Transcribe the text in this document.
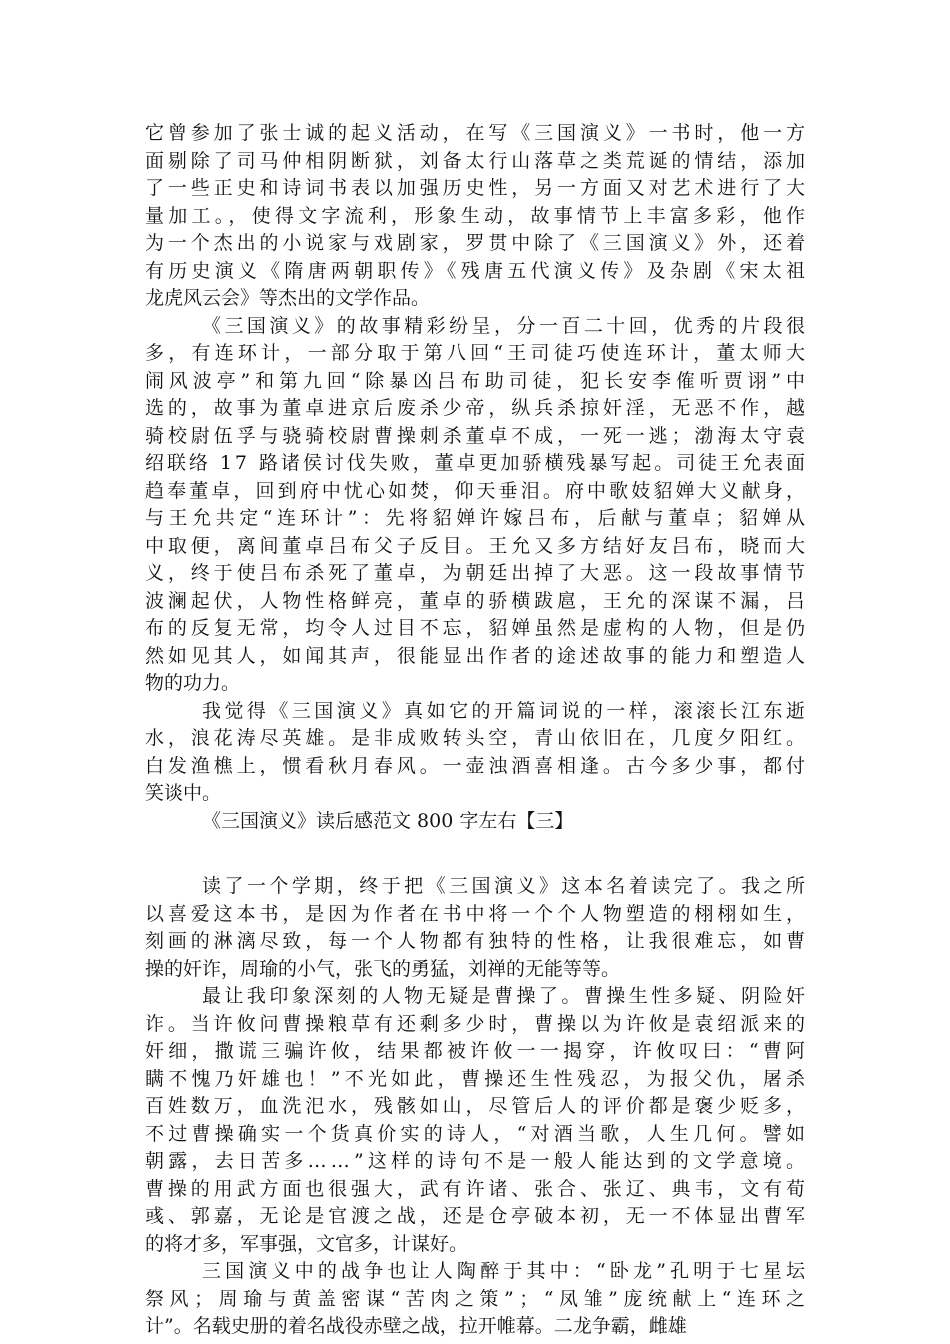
它曾参加了张士诚的起义活动，在写《三国演义》一书时，他一方
面剔除了司马仲相阴断狱，刘备太行山落草之类荒诞的情结，添加
了一些正史和诗词书表以加强历史性，另一方面又对艺术进行了大
量加工。，使得文字流利，形象生动，故事情节上丰富多彩，他作
为一个杰出的小说家与戏剧家，罗贯中除了《三国演义》外，还着
有历史演义《隋唐两朝职传》《残唐五代演义传》及杂剧《宋太祖
龙虎风云会》等杰出的文学作品。
《三国演义》的故事精彩纷呈，分一百二十回，优秀的片段很
多，有连环计，一部分取于第八回“王司徒巧使连环计，董太师大
闹风波亭”和第九回“除暴凶吕布助司徒，犯长安李傕听贾诩”中
选的，故事为董卓进京后废杀少帝，纵兵杀掠奸淫，无恶不作，越
骑校尉伍孚与骁骑校尉曹操刺杀董卓不成，一死一逃；渤海太守袁
绍联络 17 路诸侯讨伐失败，董卓更加骄横残暴写起。司徒王允表面
趋奉董卓，回到府中忧心如焚，仰天垂泪。府中歌妓貂婵大义献身，
与王允共定“连环计”：先将貂婵许嫁吕布，后献与董卓；貂婵从
中取便，离间董卓吕布父子反目。王允又多方结好友吕布，晓而大
义，终于使吕布杀死了董卓，为朝廷出掉了大恶。这一段故事情节
波澜起伏，人物性格鲜亮，董卓的骄横跋扈，王允的深谋不漏，吕
布的反复无常，均令人过目不忘，貂婵虽然是虚构的人物，但是仍
然如见其人，如闻其声，很能显出作者的途述故事的能力和塑造人
物的功力。
我觉得《三国演义》真如它的开篇词说的一样，滚滚长江东逝
水，浪花涛尽英雄。是非成败转头空，青山依旧在，几度夕阳红。
白发渔樵上，惯看秋月春风。一壶浊酒喜相逢。古今多少事，都付
笑谈中。
《三国演义》读后感范文 800 字左右【三】
读了一个学期，终于把《三国演义》这本名着读完了。我之所
以喜爱这本书，是因为作者在书中将一个个人物塑造的栩栩如生，
刻画的淋漓尽致，每一个人物都有独特的性格，让我很难忘，如曹
操的奸诈，周瑜的小气，张飞的勇猛，刘禅的无能等等。
最让我印象深刻的人物无疑是曹操了。曹操生性多疑、阴险奸
诈。当许攸问曹操粮草有还剩多少时，曹操以为许攸是袁绍派来的
奸细，撒谎三骗许攸，结果都被许攸一一揭穿，许攸叹曰：“曹阿
瞒不愧乃奸雄也！”不光如此，曹操还生性残忍，为报父仇，屠杀
百姓数万，血洗汜水，残骸如山，尽管后人的评价都是褒少贬多，
不过曹操确实一个货真价实的诗人，“对酒当歌，人生几何。譬如
朝露，去日苦多……”这样的诗句不是一般人能达到的文学意境。
曹操的用武方面也很强大，武有许诸、张合、张辽、典韦，文有荀
彧、郭嘉，无论是官渡之战，还是仓亭破本初，无一不体显出曹军
的将才多，军事强，文官多，计谋好。
三国演义中的战争也让人陶醉于其中：“卧龙”孔明于七星坛
祭风；周瑜与黄盖密谋“苦肉之策”；“凤雏”庞统献上“连环之
计”。名载史册的着名战役赤壁之战，拉开帷幕。二龙争霸，雌雄
